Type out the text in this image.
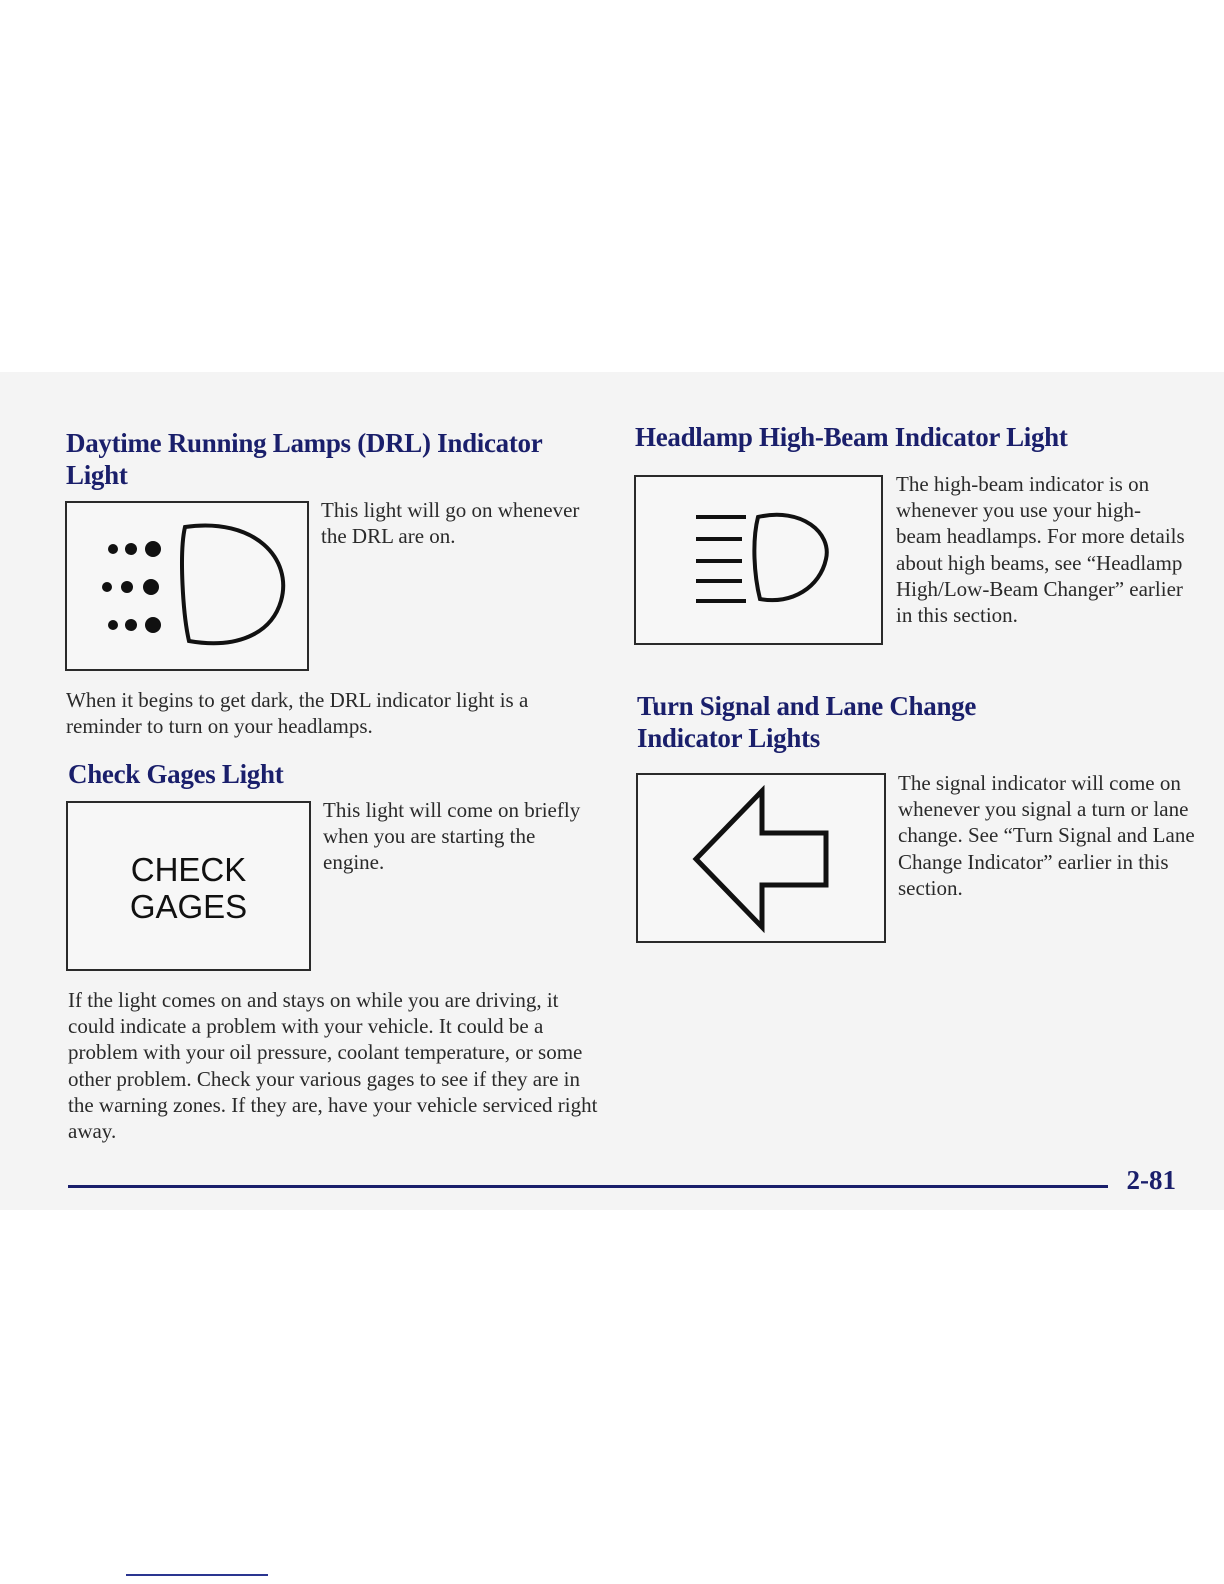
Daytime Running Lamps (DRL) Indicator Light

This light will go on whenever the DRL are on.

When it begins to get dark, the DRL indicator light is a reminder to turn on your headlamps.

Check Gages Light
CHECK
GAGES

This light will come on briefly when you are starting the engine.

If the light comes on and stays on while you are driving, it could indicate a problem with your vehicle. It could be a problem with your oil pressure, coolant temperature, or some other problem. Check your various gages to see if they are in the warning zones. If they are, have your vehicle serviced right away.

Headlamp High-Beam Indicator Light

The high-beam indicator is on whenever you use your high-beam headlamps. For more details about high beams, see “Headlamp High/Low-Beam Changer” earlier in this section.

Turn Signal and Lane Change Indicator Lights

The signal indicator will come on whenever you signal a turn or lane change. See “Turn Signal and Lane Change Indicator” earlier in this section.

2-81
